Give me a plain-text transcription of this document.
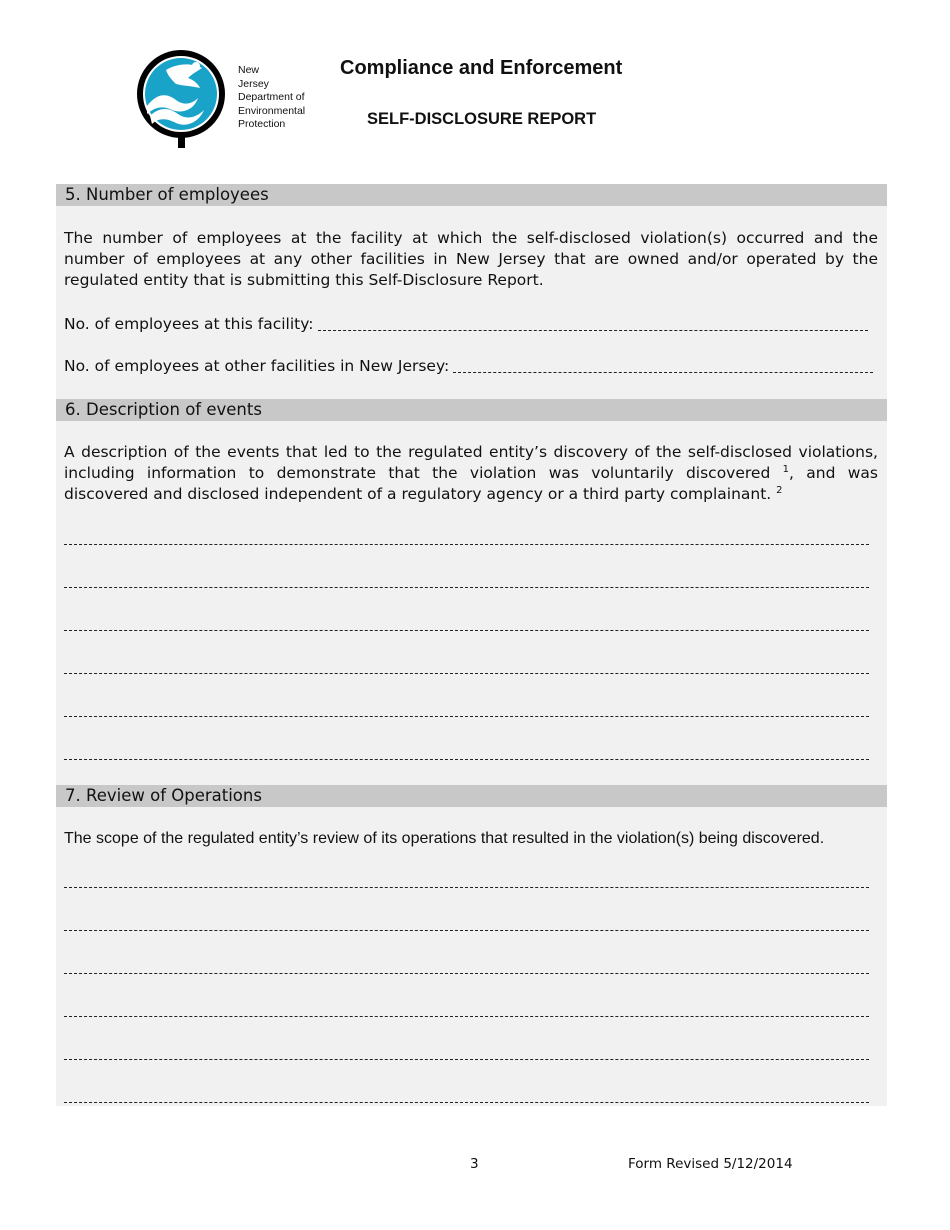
New
Jersey
Department of
Environmental
Protection
Compliance and Enforcement
SELF-DISCLOSURE REPORT
5. Number of employees

The number of employees at the facility at which the self-disclosed violation(s) occurred and the number of employees at any other facilities in New Jersey that are owned and/or operated by the regulated entity that is submitting this Self-Disclosure Report.

No. of employees at this facility:
No. of employees at other facilities in New Jersey:
6. Description of events

A description of the events that led to the regulated entity’s discovery of the self-disclosed violations, including information to demonstrate that the violation was voluntarily discovered $^1$, and was discovered and disclosed independent of a regulatory agency or a third party complainant. $^2$

7. Review of Operations

The scope of the regulated entity’s review of its operations that resulted in the violation(s) being discovered.

3	Form Revised 5/12/2014
